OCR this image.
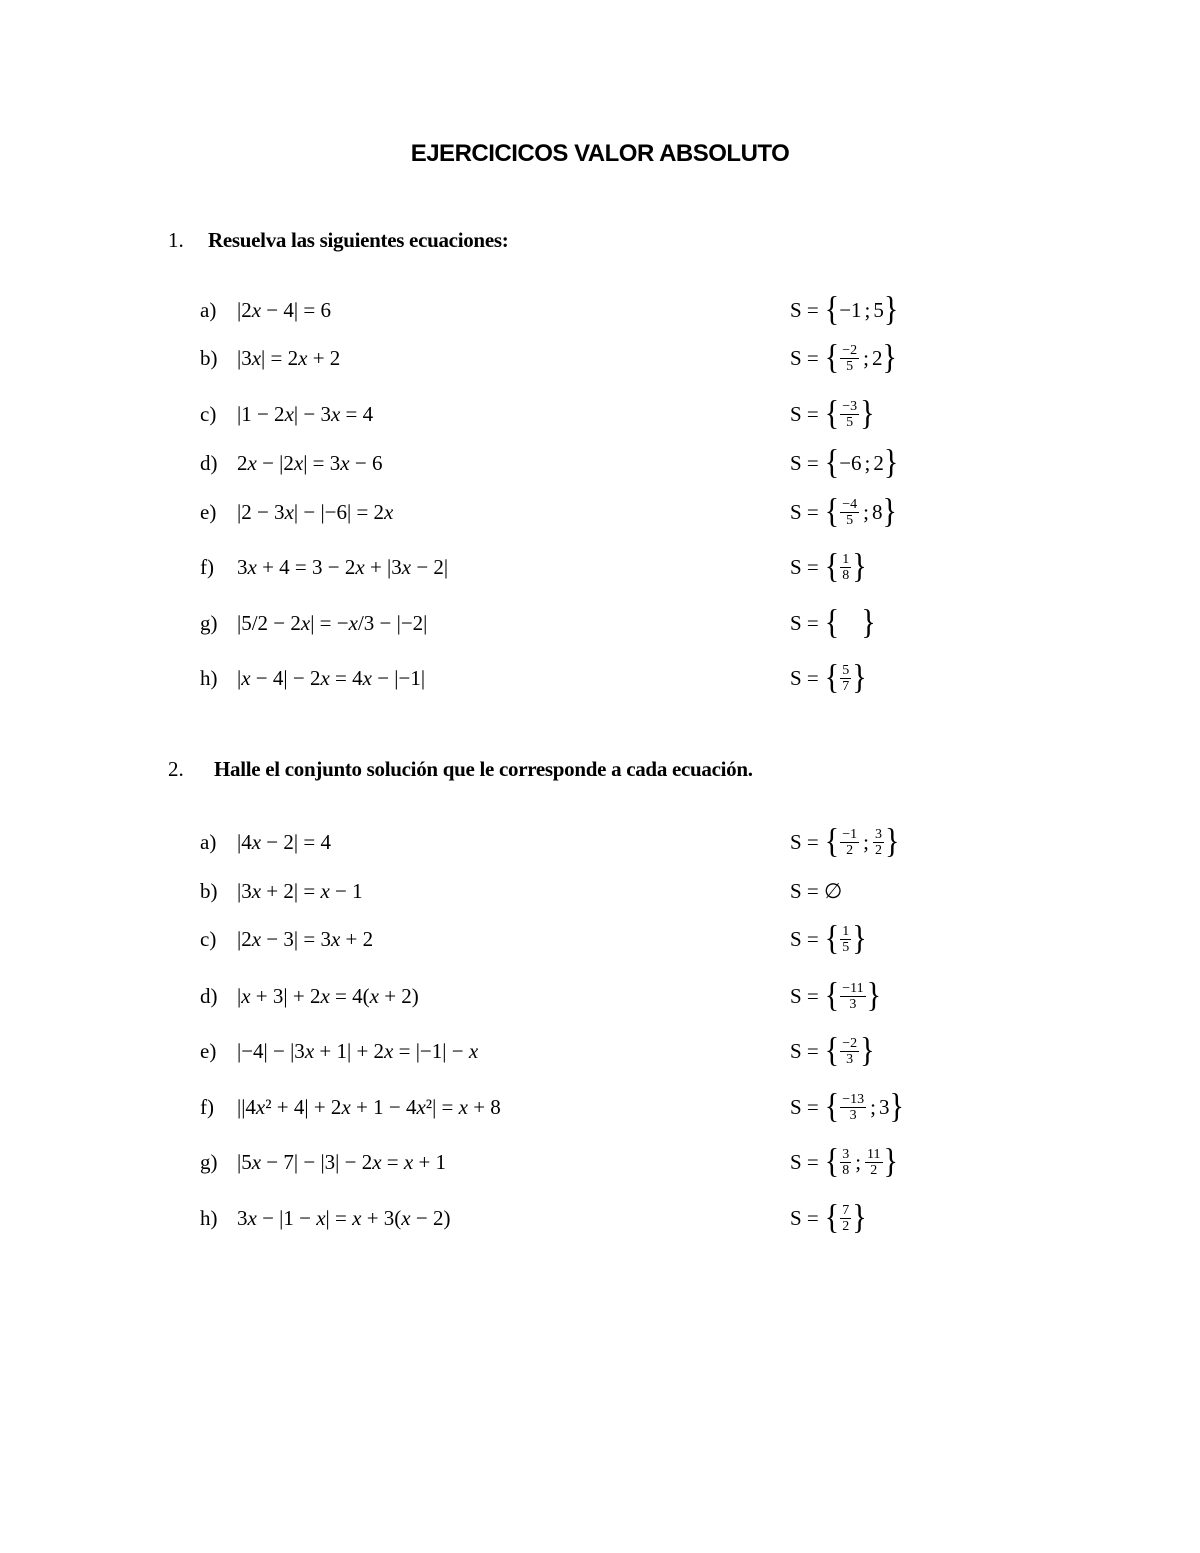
EJERCICICOS VALOR ABSOLUTO
1. Resuelva las siguientes ecuaciones:
a) |2x − 4| = 6	S = { −1 ; 5 }
b) |3x| = 2x + 2	S = { $\frac{-2}{5}$ ; 2 }
c) |1 − 2x| − 3x = 4	S = { $\frac{-3}{5}$ }
d) 2x − |2x| = 3x − 6	S = { −6 ; 2 }
e) |2 − 3x| − |−6| = 2x	S = { $\frac{-4}{5}$ ; 8 }
f) 3x + 4 = 3 − 2x + |3x − 2|	S = { $\frac{1}{8}$ }
g) |5/2 − 2x| = −x/3 − |−2|	S = { }
h) |x − 4| − 2x = 4x − |−1|	S = { $\frac{5}{7}$ }
2. Halle el conjunto solución que le corresponde a cada ecuación.
a) |4x − 2| = 4	S = { $\frac{-1}{2}$ ; $\frac{3}{2}$ }
b) |3x + 2| = x − 1	S = ∅
c) |2x − 3| = 3x + 2	S = { $\frac{1}{5}$ }
d) |x + 3| + 2x = 4(x + 2)	S = { $\frac{-11}{3}$ }
e) |−4| − |3x + 1| + 2x = |−1| − x	S = { $\frac{-2}{3}$ }
f) ||4x² + 4| + 2x + 1 − 4x²| = x + 8	S = { $\frac{-13}{3}$ ; 3 }
g) |5x − 7| − |3| − 2x = x + 1	S = { $\frac{3}{8}$ ; $\frac{11}{2}$ }
h) 3x − |1 − x| = x + 3(x − 2)	S = { $\frac{7}{2}$ }
